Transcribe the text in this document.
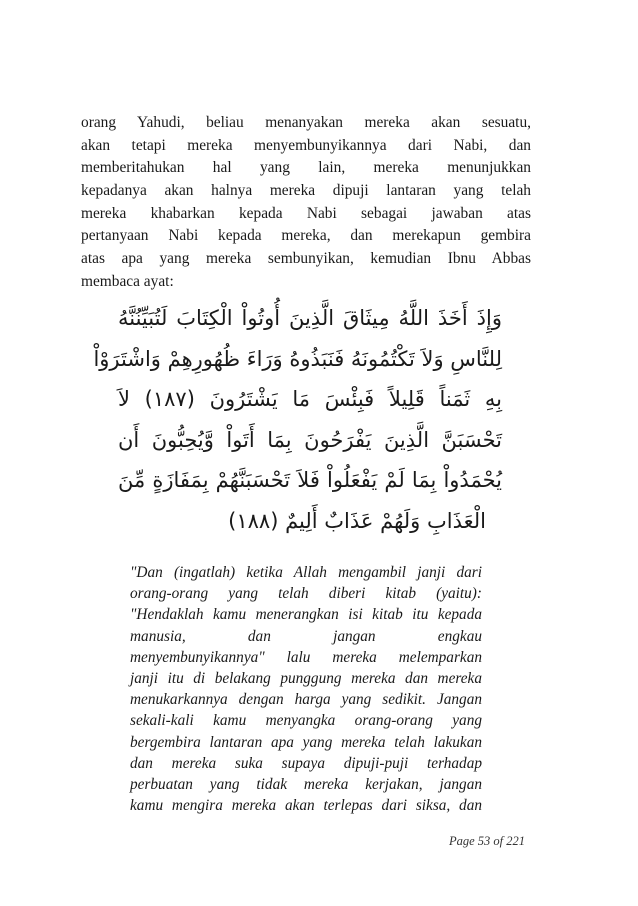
orang Yahudi, beliau menanyakan mereka akan sesuatu,
akan tetapi mereka menyembunyikannya dari Nabi, dan
memberitahukan hal yang lain, mereka menunjukkan
kepadanya akan halnya mereka dipuji lantaran yang telah
mereka khabarkan kepada Nabi sebagai jawaban atas
pertanyaan Nabi kepada mereka, dan merekapun gembira
atas apa yang mereka sembunyikan, kemudian Ibnu Abbas
membaca ayat:
وَإِذَ أَخَذَ اللَّهُ مِيثَاقَ الَّذِينَ أُوتُواْ الْكِتَابَ لَتُبَيِّنُنَّهُ
لِلنَّاسِ وَلاَ تَكْتُمُونَهُ فَنَبَذُوهُ وَرَاءَ ظُهُورِهِمْ وَاشْتَرَوْاْ
بِهِ ثَمَناً قَلِيلاً فَبِئْسَ مَا يَشْتَرُونَ (١٨٧) لاَ
تَحْسَبَنَّ الَّذِينَ يَفْرَحُونَ بِمَا أَتَواْ وَّيُحِبُّونَ أَن
يُحْمَدُواْ بِمَا لَمْ يَفْعَلُواْ فَلاَ تَحْسَبَنَّهُمْ بِمَفَازَةٍ مِّنَ
الْعَذَابِ وَلَهُمْ عَذَابٌ أَلِيمٌ (١٨٨)
"Dan (ingatlah) ketika Allah mengambil janji dari
orang-orang yang telah diberi kitab (yaitu):
"Hendaklah kamu menerangkan isi kitab itu kepada
manusia, dan jangan engkau
menyembunyikannya" lalu mereka melemparkan
janji itu di belakang punggung mereka dan mereka
menukarkannya dengan harga yang sedikit. Jangan
sekali-kali kamu menyangka orang-orang yang
bergembira lantaran apa yang mereka telah lakukan
dan mereka suka supaya dipuji-puji terhadap
perbuatan yang tidak mereka kerjakan, jangan
kamu mengira mereka akan terlepas dari siksa, dan
Page 53 of 221
